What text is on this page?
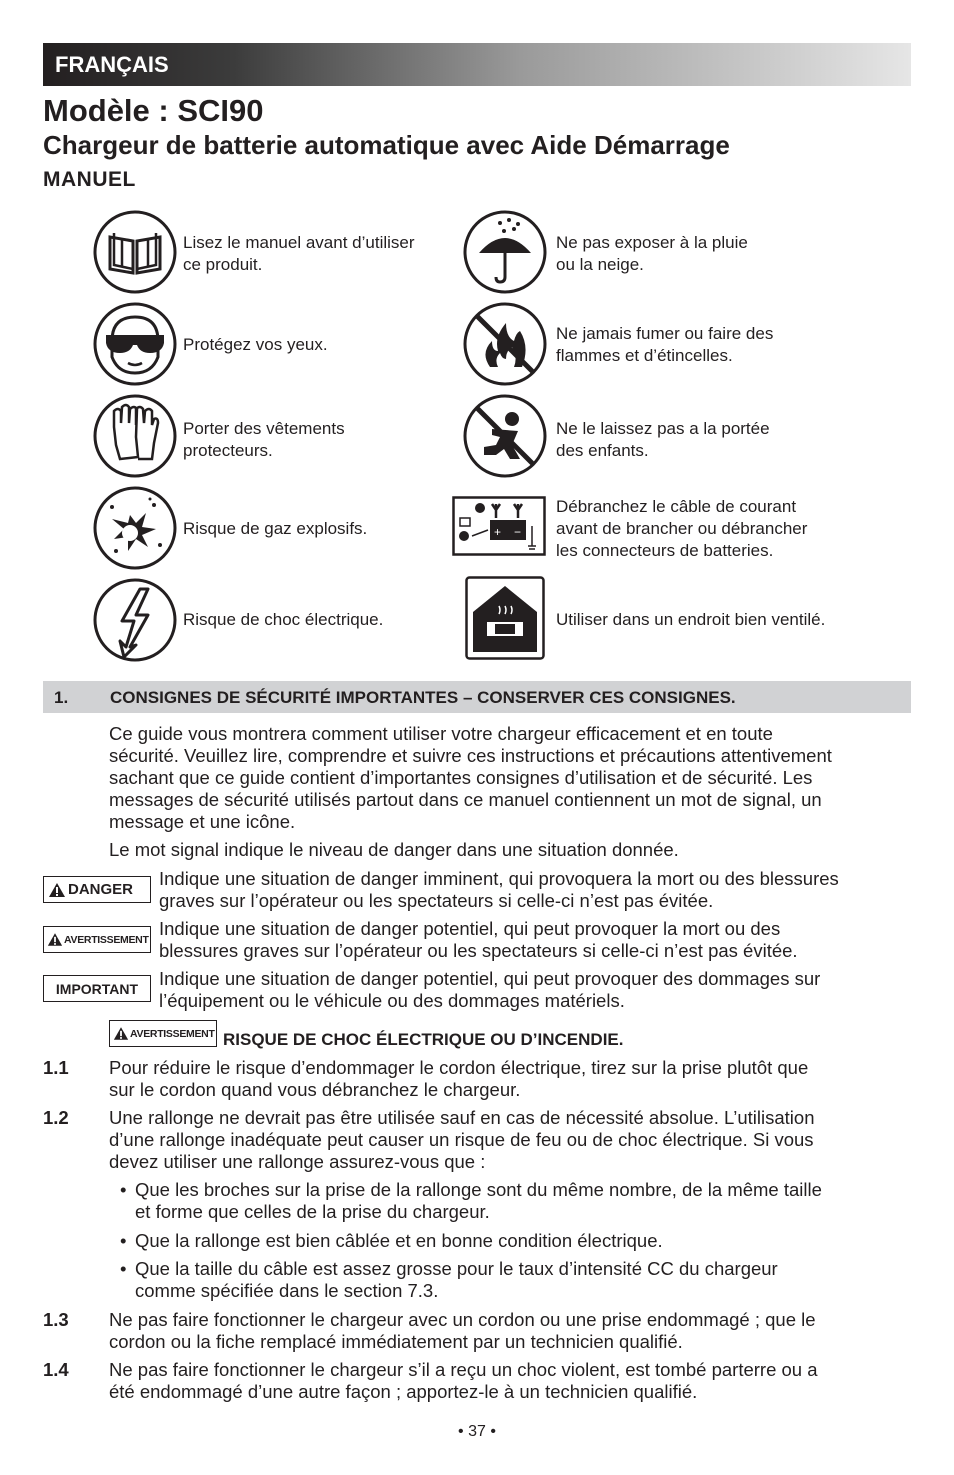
FRANÇAIS
Modèle : SCI90
Chargeur de batterie automatique avec Aide Démarrage
MANUEL
Lisez le manuel avant d’utiliser
ce produit.
Ne pas exposer à la pluie
ou la neige.
Protégez vos yeux.
Ne jamais fumer ou faire des
flammes et d’étincelles.
Porter des vêtements
protecteurs.
Ne le laissez pas a la portée
des enfants.
Risque de gaz explosifs.	+ −
Débranchez le câble de courant
avant de brancher ou débrancher
les connecteurs de batteries.
Risque de choc électrique.	Utiliser dans un endroit bien ventilé.
1. CONSIGNES DE SÉCURITÉ IMPORTANTES – CONSERVER CES CONSIGNES.
Ce guide vous montrera comment utiliser votre chargeur efficacement et en toute
sécurité. Veuillez lire, comprendre et suivre ces instructions et précautions attentivement
sachant que ce guide contient d’importantes consignes d’utilisation et de sécurité. Les
messages de sécurité utilisés partout dans ce manuel contiennent un mot de signal, un
message et une icône.
Le mot signal indique le niveau de danger dans une situation donnée.
DANGER
Indique une situation de danger imminent, qui provoquera la mort ou des blessures
graves sur l’opérateur ou les spectateurs si celle-ci n’est pas évitée.
AVERTISSEMENT
Indique une situation de danger potentiel, qui peut provoquer la mort ou des
blessures graves sur l’opérateur ou les spectateurs si celle-ci n’est pas évitée.
IMPORTANT Indique une situation de danger potentiel, qui peut provoquer des dommages sur
l’équipement ou le véhicule ou des dommages matériels.
AVERTISSEMENT RISQUE DE CHOC ÉLECTRIQUE OU D’INCENDIE.
1.1 Pour réduire le risque d’endommager le cordon électrique, tirez sur la prise plutôt que
sur le cordon quand vous débranchez le chargeur.
1.2 Une rallonge ne devrait pas être utilisée sauf en cas de nécessité absolue. L’utilisation
d’une rallonge inadéquate peut causer un risque de feu ou de choc électrique. Si vous
devez utiliser une rallonge assurez-vous que :
• Que les broches sur la prise de la rallonge sont du même nombre, de la même taille
et forme que celles de la prise du chargeur.
• Que la rallonge est bien câblée et en bonne condition électrique.
• Que la taille du câble est assez grosse pour le taux d’intensité CC du chargeur
comme spécifiée dans le section 7.3.
1.3 Ne pas faire fonctionner le chargeur avec un cordon ou une prise endommagé ; que le
cordon ou la fiche remplacé immédiatement par un technicien qualifié.
1.4 Ne pas faire fonctionner le chargeur s’il a reçu un choc violent, est tombé parterre ou a
été endommagé d’une autre façon ; apportez-le à un technicien qualifié.
• 37 •
